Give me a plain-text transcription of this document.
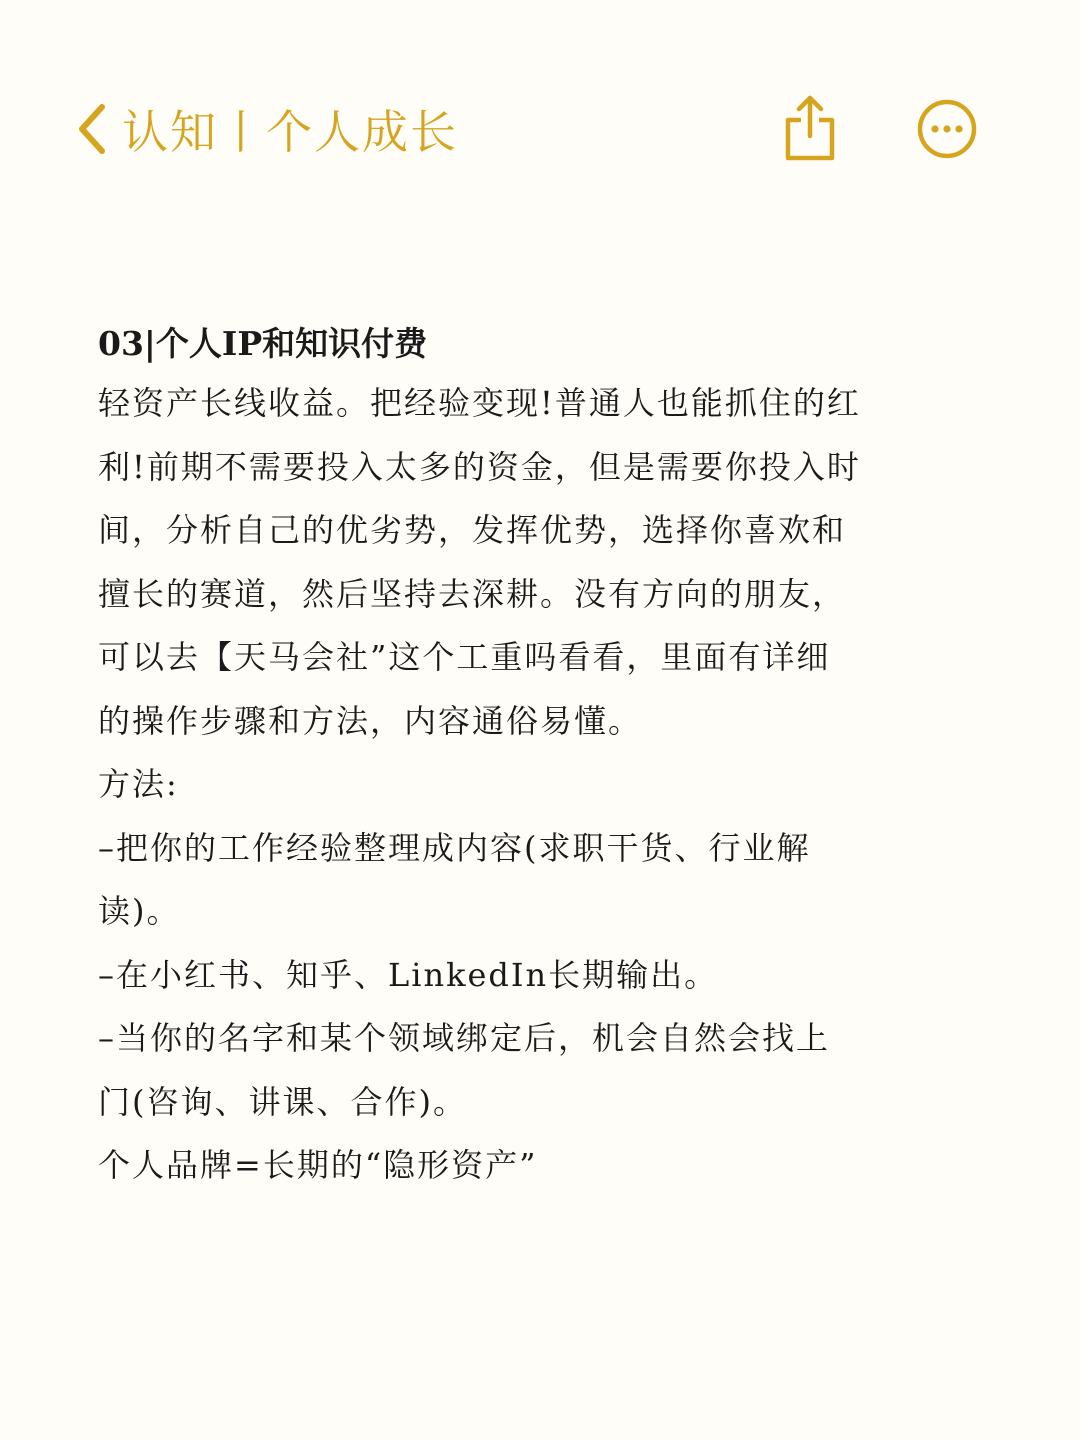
认知丨个人成长
03|个人IP和知识付费
轻资产长线收益。把经验变现!普通人也能抓住的红
利!前期不需要投入太多的资金，但是需要你投入时
间，分析自己的优劣势，发挥优势，选择你喜欢和
擅长的赛道，然后坚持去深耕。没有方向的朋友，
可以去【天马会社”这个工重吗看看，里面有详细
的操作步骤和方法，内容通俗易懂。
方法:
–把你的工作经验整理成内容(求职干货、行业解
读)。
–在小红书、知乎、LinkedIn长期输出。
–当你的名字和某个领域绑定后，机会自然会找上
门(咨询、讲课、合作)。
个人品牌=长期的“隐形资产”
